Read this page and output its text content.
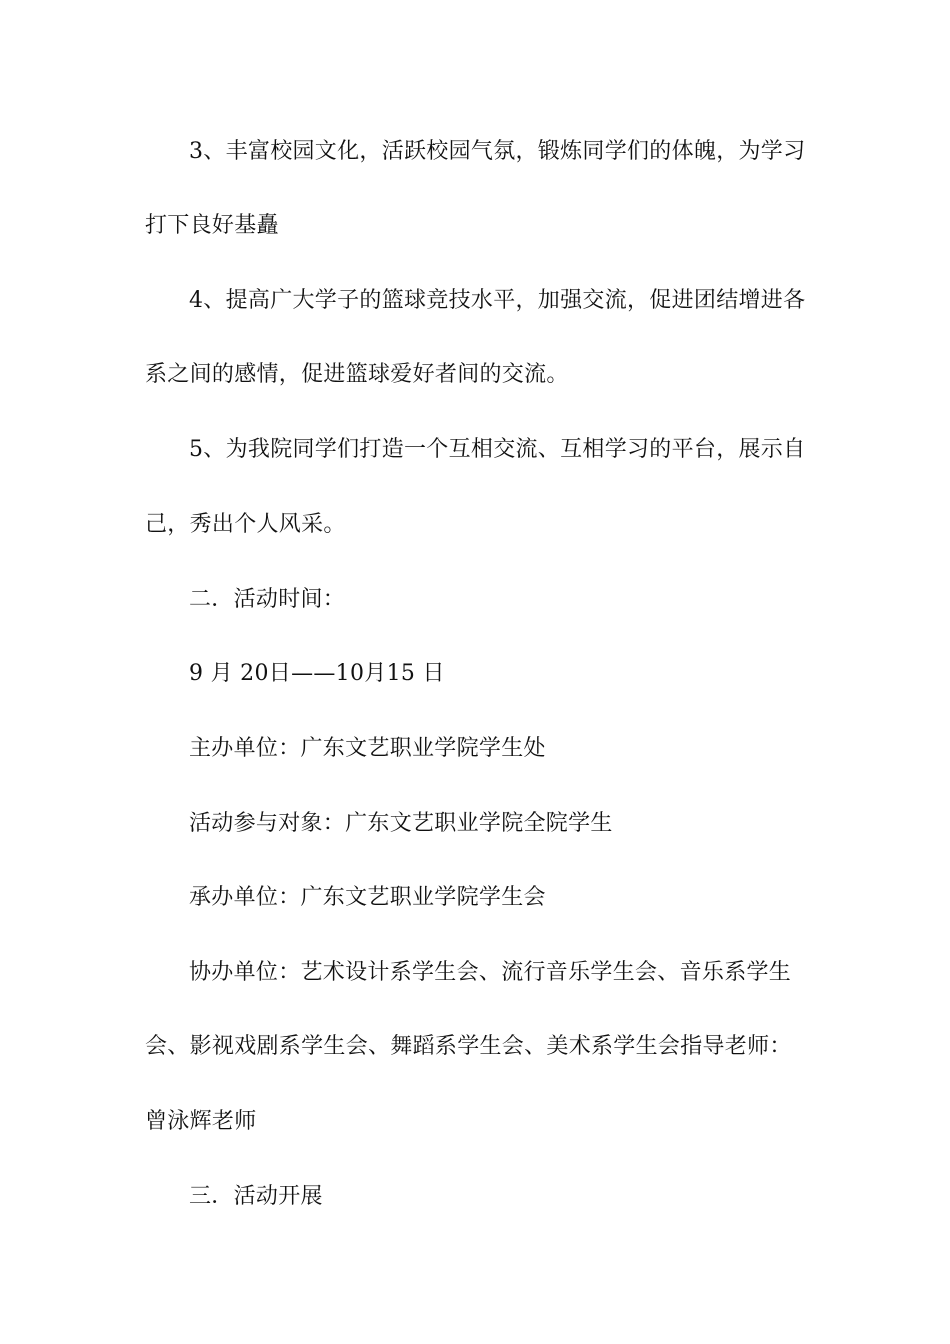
3、丰富校园文化，活跃校园气氛，锻炼同学们的体魄，为学习
打下良好基矗
4、提高广大学子的篮球竞技水平，加强交流，促进团结增进各
系之间的感情，促进篮球爱好者间的交流。
5、为我院同学们打造一个互相交流、互相学习的平台，展示自
己，秀出个人风采。
二．活动时间：
9 月 20日——10月15 日
主办单位：广东文艺职业学院学生处
活动参与对象：广东文艺职业学院全院学生
承办单位：广东文艺职业学院学生会
协办单位：艺术设计系学生会、流行音乐学生会、音乐系学生
会、影视戏剧系学生会、舞蹈系学生会、美术系学生会指导老师：
曾泳辉老师
三．活动开展
